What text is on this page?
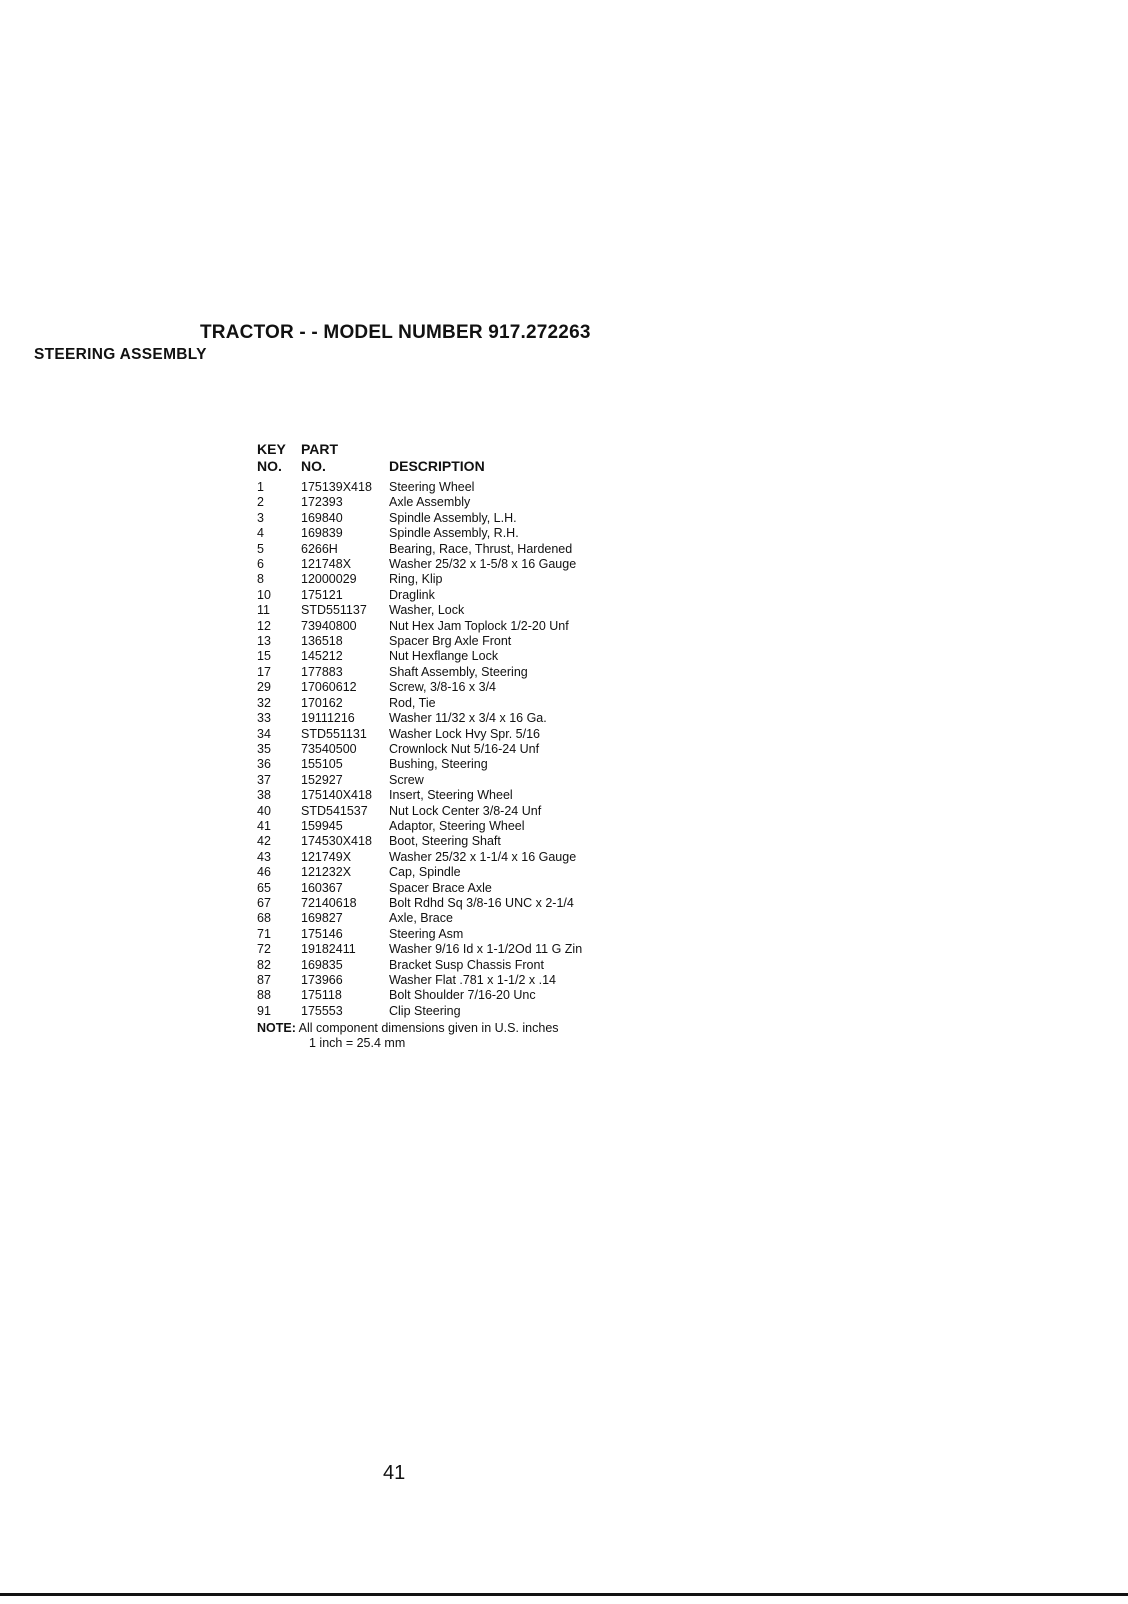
TRACTOR - - MODEL NUMBER 917.272263
STEERING ASSEMBLY
KEY	PART
NO.	NO.	DESCRIPTION
1	175139X418	Steering Wheel
2	172393	Axle Assembly
3	169840	Spindle Assembly, L.H.
4	169839	Spindle Assembly, R.H.
5	6266H	Bearing, Race, Thrust, Hardened
6	121748X	Washer 25/32 x 1-5/8 x 16 Gauge
8	12000029	Ring, Klip
10	175121	Draglink
11	STD551137	Washer, Lock
12	73940800	Nut Hex Jam Toplock 1/2-20 Unf
13	136518	Spacer Brg Axle Front
15	145212	Nut Hexflange Lock
17	177883	Shaft Assembly, Steering
29	17060612	Screw, 3/8-16 x 3/4
32	170162	Rod, Tie
33	19111216	Washer 11/32 x 3/4 x 16 Ga.
34	STD551131	Washer Lock Hvy Spr. 5/16
35	73540500	Crownlock Nut 5/16-24 Unf
36	155105	Bushing, Steering
37	152927	Screw
38	175140X418	Insert, Steering Wheel
40	STD541537	Nut Lock Center 3/8-24 Unf
41	159945	Adaptor, Steering Wheel
42	174530X418	Boot, Steering Shaft
43	121749X	Washer 25/32 x 1-1/4 x 16 Gauge
46	121232X	Cap, Spindle
65	160367	Spacer Brace Axle
67	72140618	Bolt Rdhd Sq 3/8-16 UNC x 2-1/4
68	169827	Axle, Brace
71	175146	Steering Asm
72	19182411	Washer 9/16 Id x 1-1/2Od 11 G Zin
82	169835	Bracket Susp Chassis Front
87	173966	Washer Flat .781 x 1-1/2 x .14
88	175118	Bolt Shoulder 7/16-20 Unc
91	175553	Clip Steering
NOTE: All component dimensions given in U.S. inches
1 inch = 25.4 mm

41
